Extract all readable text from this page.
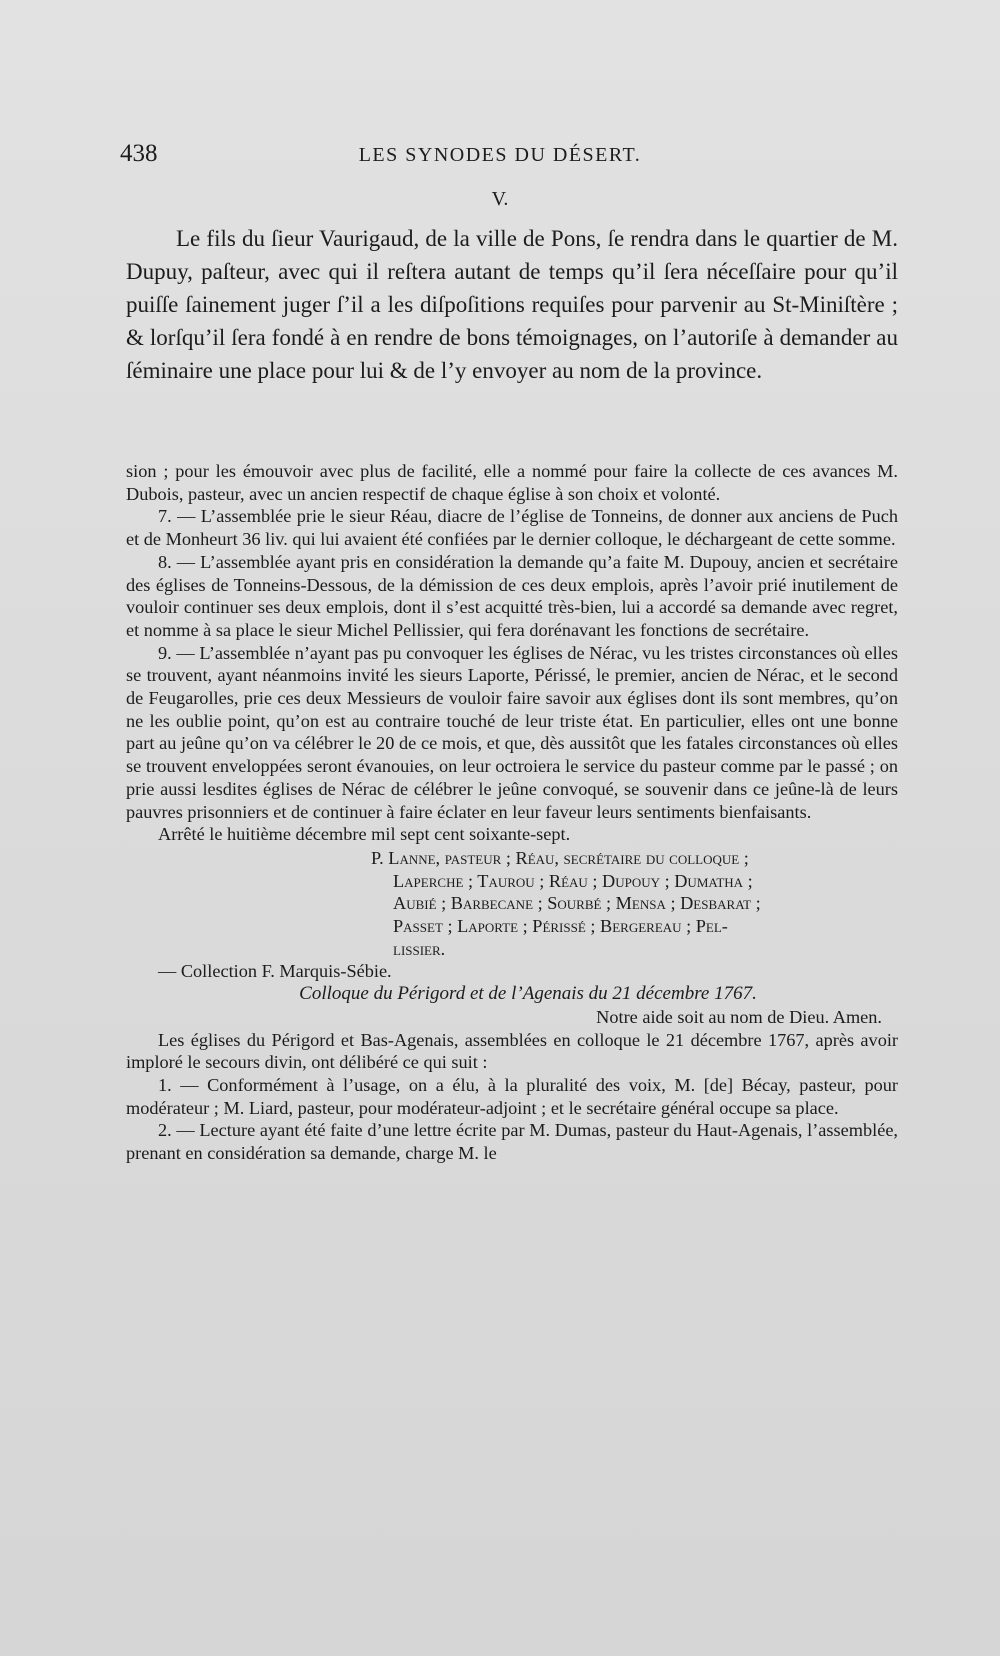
438	LES SYNODES DU DÉSERT.
V.

Le fils du ſieur Vaurigaud, de la ville de Pons, ſe rendra dans le quartier de M. Dupuy, paſteur, avec qui il reſtera autant de temps qu’il ſera néceſſaire pour qu’il puiſſe ſainement juger ſ’il a les diſpoſitions requiſes pour parvenir au St-Miniſtère ; & lorſqu’il ſera fondé à en rendre de bons témoignages, on l’autoriſe à demander au ſéminaire une place pour lui & de l’y envoyer au nom de la province.

sion ; pour les émouvoir avec plus de facilité, elle a nommé pour faire la collecte de ces avances M. Dubois, pasteur, avec un ancien respectif de chaque église à son choix et volonté.

7. — L’assemblée prie le sieur Réau, diacre de l’église de Tonneins, de donner aux anciens de Puch et de Monheurt 36 liv. qui lui avaient été confiées par le dernier colloque, le déchargeant de cette somme.

8. — L’assemblée ayant pris en considération la demande qu’a faite M. Dupouy, ancien et secrétaire des églises de Tonneins-Dessous, de la démission de ces deux emplois, après l’avoir prié inutilement de vouloir continuer ses deux emplois, dont il s’est acquitté très-bien, lui a accordé sa demande avec regret, et nomme à sa place le sieur Michel Pellissier, qui fera dorénavant les fonctions de secrétaire.

9. — L’assemblée n’ayant pas pu convoquer les églises de Nérac, vu les tristes circonstances où elles se trouvent, ayant néanmoins invité les sieurs Laporte, Périssé, le premier, ancien de Nérac, et le second de Feugarolles, prie ces deux Messieurs de vouloir faire savoir aux églises dont ils sont membres, qu’on ne les oublie point, qu’on est au contraire touché de leur triste état. En particulier, elles ont une bonne part au jeûne qu’on va célébrer le 20 de ce mois, et que, dès aussitôt que les fatales circonstances où elles se trouvent enveloppées seront évanouies, on leur octroiera le service du pasteur comme par le passé ; on prie aussi lesdites églises de Nérac de célébrer le jeûne convoqué, se souvenir dans ce jeûne-là de leurs pauvres prisonniers et de continuer à faire éclater en leur faveur leurs sentiments bienfaisants.

Arrêté le huitième décembre mil sept cent soixante-sept.

P. Lanne, pasteur ; Réau, secrétaire du colloque ;
Laperche ; Taurou ; Réau ; Dupouy ; Dumatha ;
Aubié ; Barbecane ; Sourbé ; Mensa ; Desbarat ;
Passet ; Laporte ; Périssé ; Bergereau ; Pel-
lissier.

— Collection F. Marquis-Sébie.

Colloque du Périgord et de l’Agenais du 21 décembre 1767.

Notre aide soit au nom de Dieu. Amen.

Les églises du Périgord et Bas-Agenais, assemblées en colloque le 21 décembre 1767, après avoir imploré le secours divin, ont délibéré ce qui suit :

1. — Conformément à l’usage, on a élu, à la pluralité des voix, M. [de] Bécay, pasteur, pour modérateur ; M. Liard, pasteur, pour modérateur-adjoint ; et le secrétaire général occupe sa place.

2. — Lecture ayant été faite d’une lettre écrite par M. Dumas, pasteur du Haut-Agenais, l’assemblée, prenant en considération sa demande, charge M. le
